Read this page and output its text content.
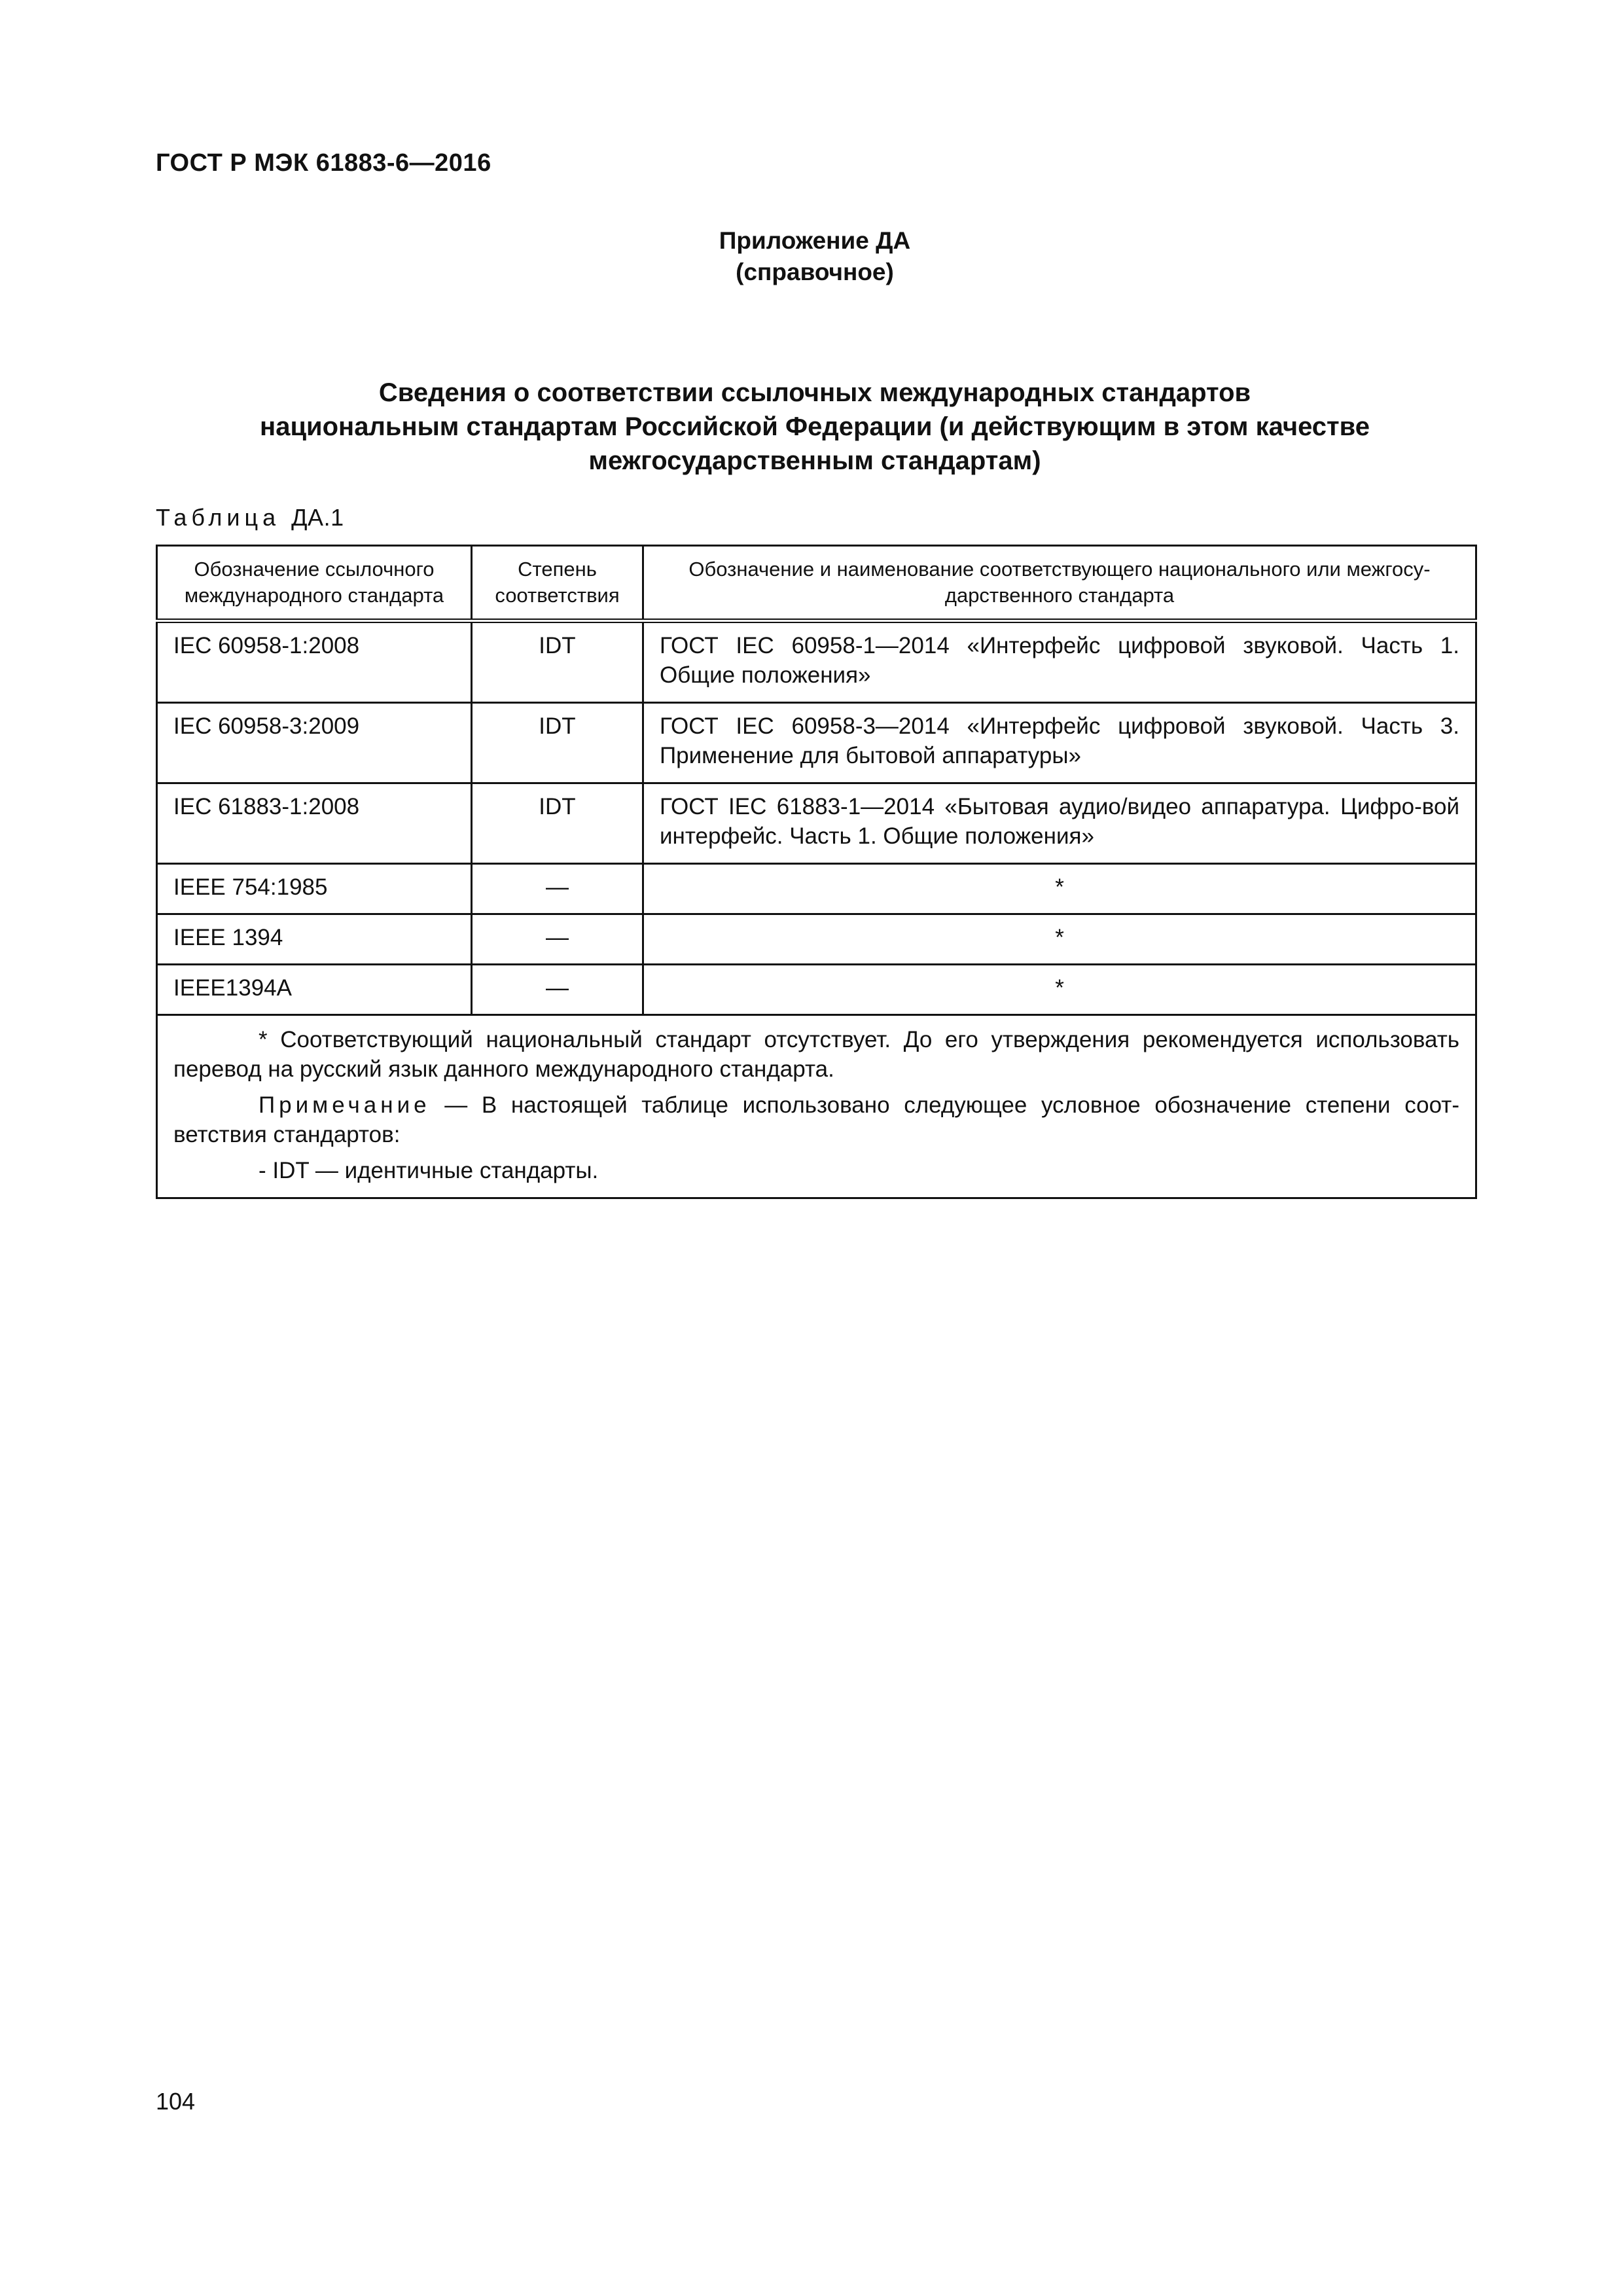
ГОСТ Р МЭК 61883-6—2016
Приложение ДА
(справочное)
Сведения о соответствии ссылочных международных стандартов
национальным стандартам Российской Федерации (и действующим в этом качестве
межгосударственным стандартам)
Таблица ДА.1
Обозначение ссылочного международного стандарта	Степень соответствия	Обозначение и наименование соответствующего национального или межгосу-дарственного стандарта
IEC 60958-1:2008	IDT	ГОСТ IEC 60958-1—2014 «Интерфейс цифровой звуковой. Часть 1. Общие положения»
IEC 60958-3:2009	IDT	ГОСТ IEC 60958-3—2014 «Интерфейс цифровой звуковой. Часть 3. Применение для бытовой аппаратуры»
IEC 61883-1:2008	IDT	ГОСТ IEC 61883-1—2014 «Бытовая аудио/видео аппаратура. Цифро-вой интерфейс. Часть 1. Общие положения»
IEEE 754:1985	—	*
IEEE 1394	—	*
IEEE1394A	—	*

* Соответствующий национальный стандарт отсутствует. До его утверждения рекомендуется использовать перевод на русский язык данного международного стандарта.

Примечание — В настоящей таблице использовано следующее условное обозначение степени соот-ветствия стандартов:

- IDT — идентичные стандарты.		
104
